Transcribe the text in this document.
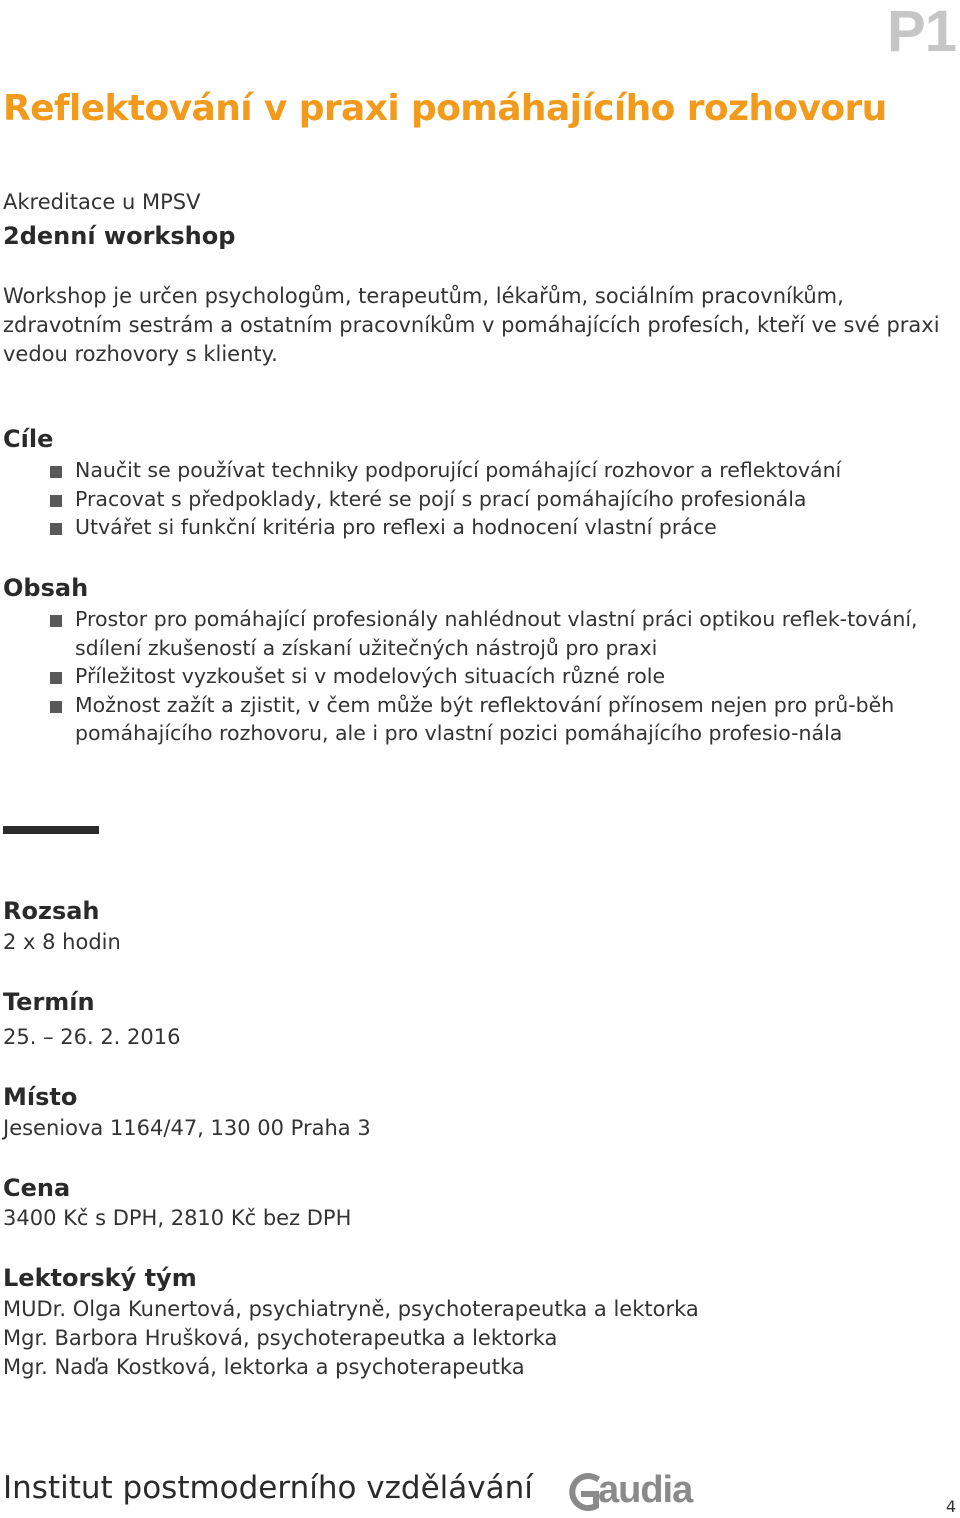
P1
Reflektování v praxi pomáhajícího rozhovoru
Akreditace u MPSV
2denní workshop
Workshop je určen psychologům, terapeutům, lékařům, sociálním pracovníkům, zdravotním sestrám a ostatním pracovníkům v pomáhajících profesích, kteří ve své praxi vedou rozhovory s klienty.
Cíle
Naučit se používat techniky podporující pomáhající rozhovor a reflektování
Pracovat s předpoklady, které se pojí s prací pomáhajícího profesionála
Utvářet si funkční kritéria pro reflexi a hodnocení vlastní práce
Obsah
Prostor pro pomáhající profesionály nahlédnout vlastní práci optikou reflek-tování, sdílení zkušeností a získaní užitečných nástrojů pro praxi
Příležitost vyzkoušet si v modelových situacích různé role
Možnost zažít a zjistit, v čem může být reflektování přínosem nejen pro prů-běh pomáhajícího rozhovoru, ale i pro vlastní pozici pomáhajícího profesio-nála
Rozsah
2 x 8 hodin
Termín
25. – 26. 2. 2016
Místo
Jeseniova 1164/47, 130 00 Praha 3
Cena
3400 Kč s DPH, 2810 Kč bez DPH
Lektorský tým
MUDr. Olga Kunertová, psychiatryně, psychoterapeutka a lektorka
Mgr. Barbora Hrušková, psychoterapeutka a lektorka
Mgr. Naďa Kostková, lektorka a psychoterapeutka
Institut postmoderního vzdělávání audia	4
